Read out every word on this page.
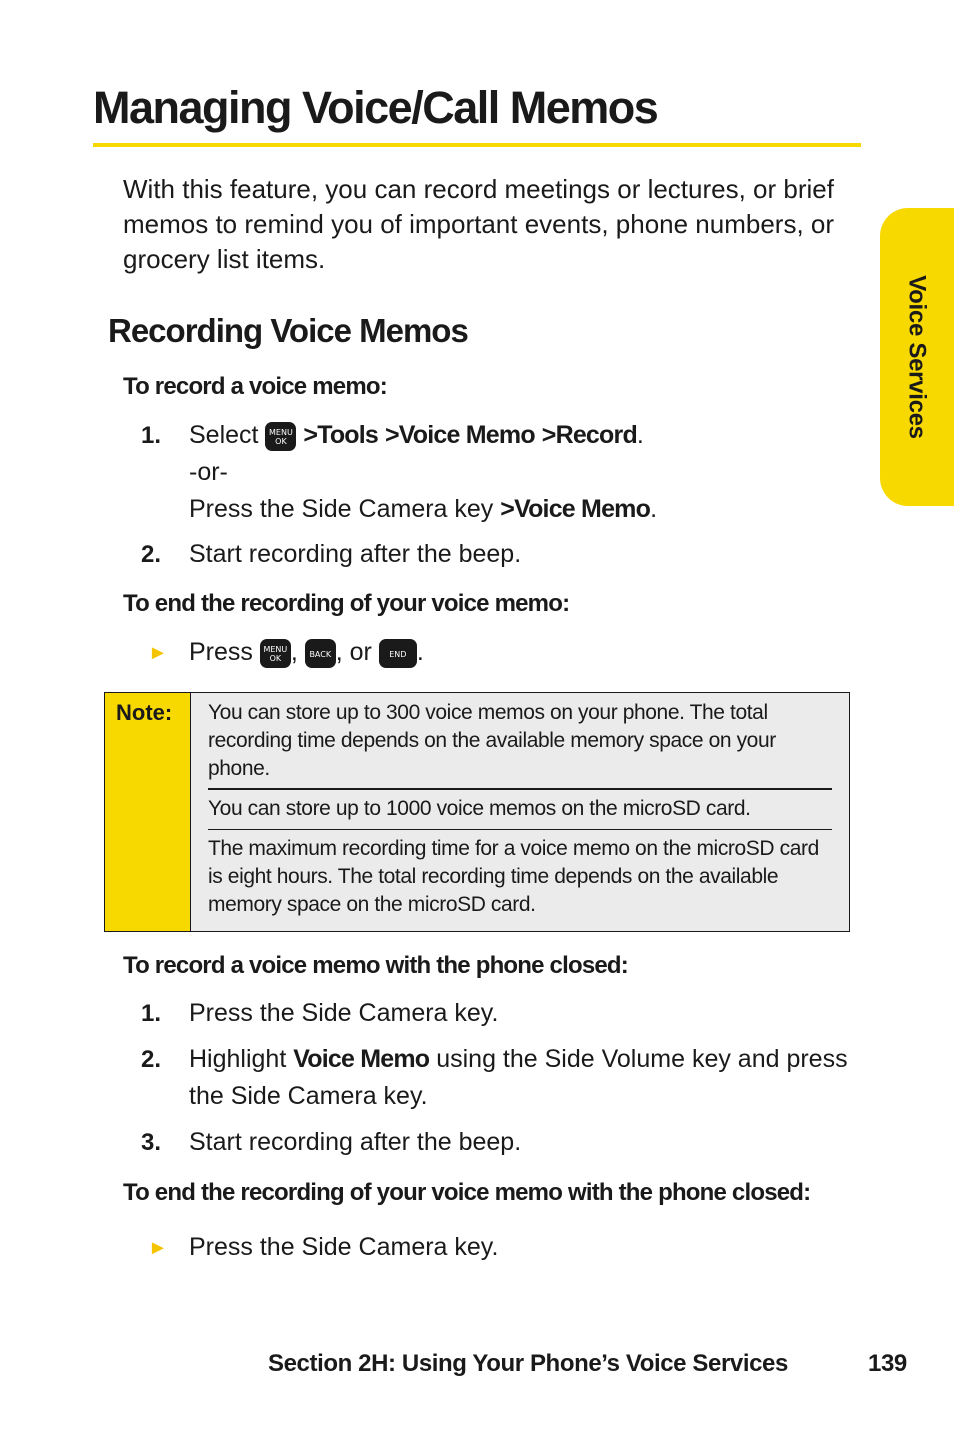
Managing Voice/Call Memos

With this feature, you can record meetings or lectures, or brief memos to remind you of important events, phone numbers, or grocery list items.

Recording Voice Memos

To record a voice memo:

1. Select MENU
OK >Tools >Voice Memo >Record.
-or-
Press the Side Camera key >Voice Memo.
2. Start recording after the beep.

To end the recording of your voice memo:

► Press MENU
OK , BACK , or END .
Note: You can store up to 300 voice memos on your phone. The total recording time depends on the available memory space on your phone.

You can store up to 1000 voice memos on the microSD card.

The maximum recording time for a voice memo on the microSD card is eight hours. The total recording time depends on the available memory space on the microSD card.

To record a voice memo with the phone closed:

1. Press the Side Camera key.
2. Highlight Voice Memo using the Side Volume key and press the Side Camera key.
3. Start recording after the beep.

To end the recording of your voice memo with the phone closed:

► Press the Side Camera key.
Voice Services
Section 2H: Using Your Phone’s Voice Services	139
